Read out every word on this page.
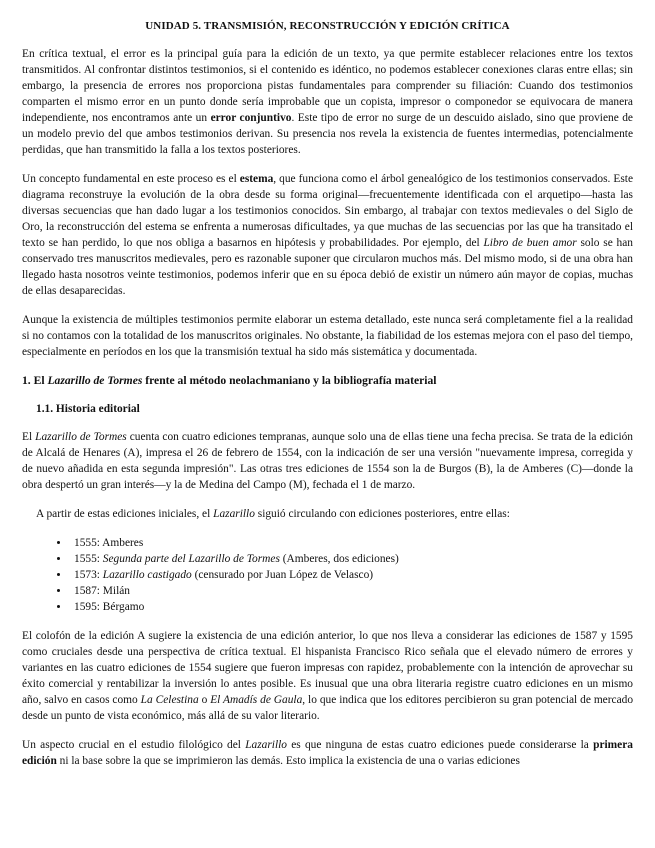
UNIDAD 5. TRANSMISIÓN, RECONSTRUCCIÓN Y EDICIÓN CRÍTICA

En crítica textual, el error es la principal guía para la edición de un texto, ya que permite establecer relaciones entre los textos transmitidos. Al confrontar distintos testimonios, si el contenido es idéntico, no podemos establecer conexiones claras entre ellas; sin embargo, la presencia de errores nos proporciona pistas fundamentales para comprender su filiación: Cuando dos testimonios comparten el mismo error en un punto donde sería improbable que un copista, impresor o componedor se equivocara de manera independiente, nos encontramos ante un error conjuntivo. Este tipo de error no surge de un descuido aislado, sino que proviene de un modelo previo del que ambos testimonios derivan. Su presencia nos revela la existencia de fuentes intermedias, potencialmente perdidas, que han transmitido la falla a los textos posteriores.

Un concepto fundamental en este proceso es el estema, que funciona como el árbol genealógico de los testimonios conservados. Este diagrama reconstruye la evolución de la obra desde su forma original—frecuentemente identificada con el arquetipo—hasta las diversas secuencias que han dado lugar a los testimonios conocidos. Sin embargo, al trabajar con textos medievales o del Siglo de Oro, la reconstrucción del estema se enfrenta a numerosas dificultades, ya que muchas de las secuencias por las que ha transitado el texto se han perdido, lo que nos obliga a basarnos en hipótesis y probabilidades. Por ejemplo, del Libro de buen amor solo se han conservado tres manuscritos medievales, pero es razonable suponer que circularon muchos más. Del mismo modo, si de una obra han llegado hasta nosotros veinte testimonios, podemos inferir que en su época debió de existir un número aún mayor de copias, muchas de ellas desaparecidas.

Aunque la existencia de múltiples testimonios permite elaborar un estema detallado, este nunca será completamente fiel a la realidad si no contamos con la totalidad de los manuscritos originales. No obstante, la fiabilidad de los estemas mejora con el paso del tiempo, especialmente en períodos en los que la transmisión textual ha sido más sistemática y documentada.

1. El Lazarillo de Tormes frente al método neolachmaniano y la bibliografía material
1.1. Historia editorial

El Lazarillo de Tormes cuenta con cuatro ediciones tempranas, aunque solo una de ellas tiene una fecha precisa. Se trata de la edición de Alcalá de Henares (A), impresa el 26 de febrero de 1554, con la indicación de ser una versión "nuevamente impresa, corregida y de nuevo añadida en esta segunda impresión". Las otras tres ediciones de 1554 son la de Burgos (B), la de Amberes (C)—donde la obra despertó un gran interés—y la de Medina del Campo (M), fechada el 1 de marzo.

A partir de estas ediciones iniciales, el Lazarillo siguió circulando con ediciones posteriores, entre ellas:

• 1555: Amberes
• 1555: Segunda parte del Lazarillo de Tormes (Amberes, dos ediciones)
• 1573: Lazarillo castigado (censurado por Juan López de Velasco)
• 1587: Milán
• 1595: Bérgamo

El colofón de la edición A sugiere la existencia de una edición anterior, lo que nos lleva a considerar las ediciones de 1587 y 1595 como cruciales desde una perspectiva de crítica textual. El hispanista Francisco Rico señala que el elevado número de errores y variantes en las cuatro ediciones de 1554 sugiere que fueron impresas con rapidez, probablemente con la intención de aprovechar su éxito comercial y rentabilizar la inversión lo antes posible. Es inusual que una obra literaria registre cuatro ediciones en un mismo año, salvo en casos como La Celestina o El Amadís de Gaula, lo que indica que los editores percibieron su gran potencial de mercado desde un punto de vista económico, más allá de su valor literario.

Un aspecto crucial en el estudio filológico del Lazarillo es que ninguna de estas cuatro ediciones puede considerarse la primera edición ni la base sobre la que se imprimieron las demás. Esto implica la existencia de una o varias ediciones
